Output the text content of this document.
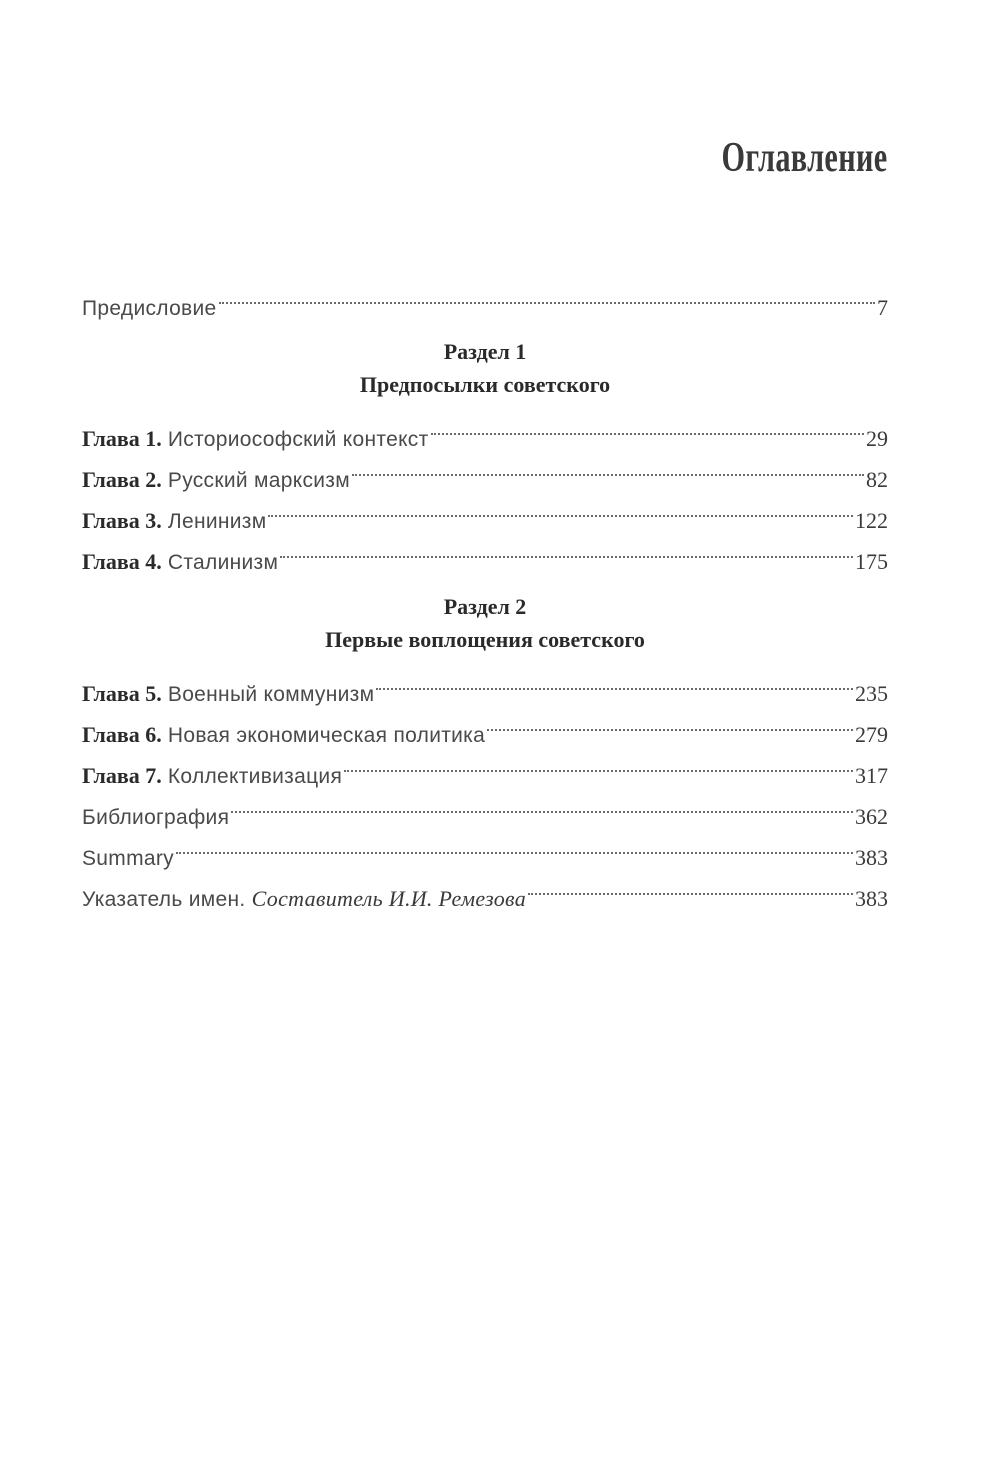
Оглавление
Предисловие	7
Раздел 1
Предпосылки советского
Глава 1. Историософский контекст	29
Глава 2. Русский марксизм	82
Глава 3. Ленинизм	122
Глава 4. Сталинизм	175
Раздел 2
Первые воплощения советского
Глава 5. Военный коммунизм	235
Глава 6. Новая экономическая политика	279
Глава 7. Коллективизация	317
Библиография	362
Summary	383
Указатель имен. Составитель И.И. Ремезова	383
